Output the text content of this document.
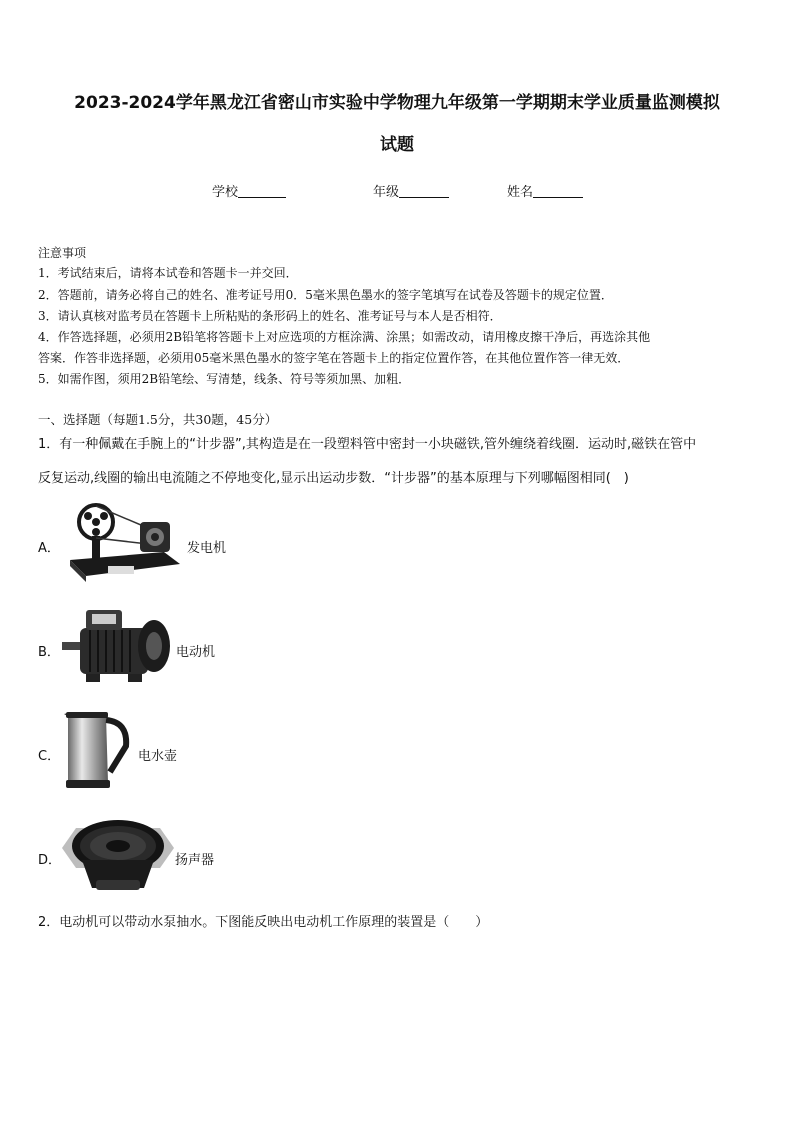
2023-2024学年黑龙江省密山市实验中学物理九年级第一学期期末学业质量监测模拟
试题
学校	年级	姓名
注意事项
1．考试结束后，请将本试卷和答题卡一并交回．
2．答题前，请务必将自己的姓名、准考证号用0．5毫米黑色墨水的签字笔填写在试卷及答题卡的规定位置．
3．请认真核对监考员在答题卡上所粘贴的条形码上的姓名、准考证号与本人是否相符．
4．作答选择题，必须用2B铅笔将答题卡上对应选项的方框涂满、涂黑；如需改动，请用橡皮擦干净后，再选涂其他
答案．作答非选择题，必须用05毫米黑色墨水的签字笔在答题卡上的指定位置作答，在其他位置作答一律无效．
5．如需作图，须用2B铅笔绘、写清楚，线条、符号等须加黑、加粗．
一、选择题（每题1.5分，共30题，45分）
1．有一种佩戴在手腕上的“计步器”,其构造是在一段塑料管中密封一小块磁铁,管外缠绕着线圈．运动时,磁铁在管中
反复运动,线圈的输出电流随之不停地变化,显示出运动步数．“计步器”的基本原理与下列哪幅图相同(　)
A．	发电机
B．	电动机
C．	电水壶
D．	扬声器
2．电动机可以带动水泵抽水。下图能反映出电动机工作原理的装置是（　　）
